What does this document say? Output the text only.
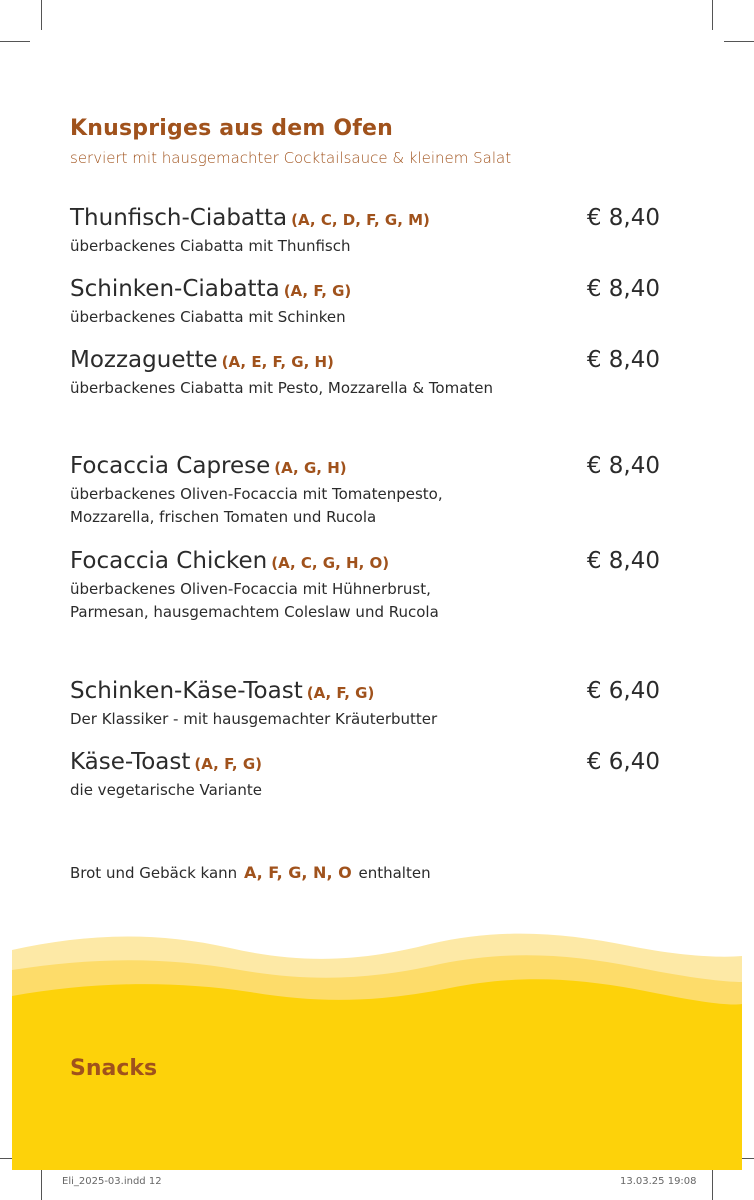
Knuspriges aus dem Ofen
serviert mit hausgemachter Cocktailsauce & kleinem Salat
Thunfisch-Ciabatta (A, C, D, F, G, M)
überbackenes Ciabatta mit Thunfisch
€ 8,40
Schinken-Ciabatta (A, F, G)
überbackenes Ciabatta mit Schinken
€ 8,40
Mozzaguette (A, E, F, G, H)
überbackenes Ciabatta mit Pesto, Mozzarella & Tomaten
€ 8,40
Focaccia Caprese (A, G, H)
überbackenes Oliven-Focaccia mit Tomatenpesto,
Mozzarella, frischen Tomaten und Rucola
€ 8,40
Focaccia Chicken (A, C, G, H, O)
überbackenes Oliven-Focaccia mit Hühnerbrust,
Parmesan, hausgemachtem Coleslaw und Rucola
€ 8,40
Schinken-Käse-Toast (A, F, G)
Der Klassiker - mit hausgemachter Kräuterbutter
€ 6,40
Käse-Toast (A, F, G)
die vegetarische Variante
€ 6,40
Brot und Gebäck kann A, F, G, N, O enthalten
Snacks
Eli_2025-03.indd 12	13.03.25 19:08
